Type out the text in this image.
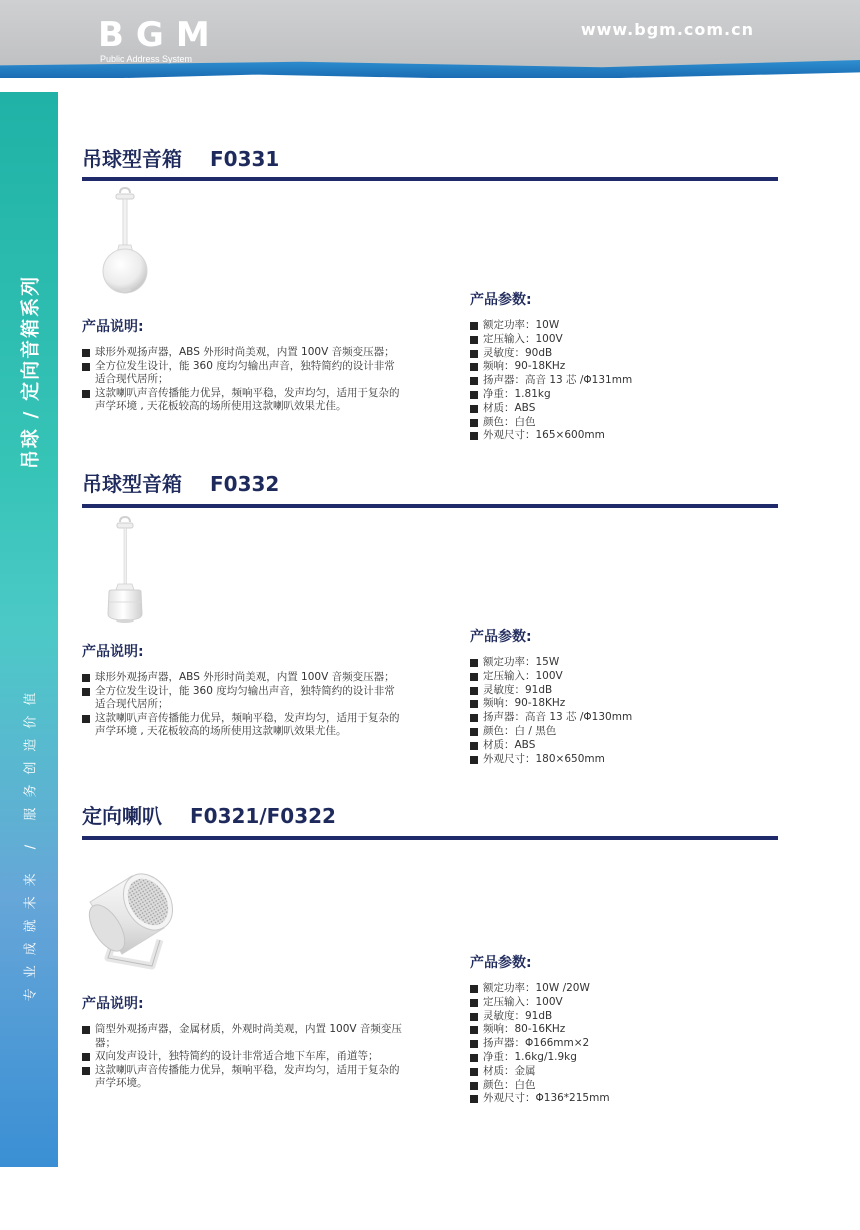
BGM
Public Address System
www.bgm.com.cn
吊球 / 定向音箱系列
专业成就未来 / 服务创造价值
65
吊球型音箱 F0331
产品说明:
球形外观扬声器，ABS 外形时尚美观，内置 100V 音频变压器；
全方位发生设计，能 360 度均匀输出声音，独特简约的设计非常适合现代居所；
这款喇叭声音传播能力优异，频响平稳，发声均匀，适用于复杂的声学环境 , 天花板较高的场所使用这款喇叭效果尤佳。
产品参数:
额定功率：10W
定压输入：100V
灵敏度：90dB
频响：90-18KHz
扬声器：高音 13 芯 /Φ131mm
净重：1.81kg
材质：ABS
颜色：白色
外观尺寸：165×600mm
吊球型音箱 F0332
产品说明:
球形外观扬声器，ABS 外形时尚美观，内置 100V 音频变压器；
全方位发生设计，能 360 度均匀输出声音，独特简约的设计非常适合现代居所；
这款喇叭声音传播能力优异，频响平稳，发声均匀，适用于复杂的声学环境 , 天花板较高的场所使用这款喇叭效果尤佳。
产品参数:
额定功率：15W
定压输入：100V
灵敏度：91dB
频响：90-18KHz
扬声器：高音 13 芯 /Φ130mm
颜色：白 / 黑色
材质：ABS
外观尺寸：180×650mm
定向喇叭 F0321/F0322
产品说明:
筒型外观扬声器，金属材质，外观时尚美观，内置 100V 音频变压器；
双向发声设计，独特简约的设计非常适合地下车库，甬道等；
这款喇叭声音传播能力优异，频响平稳，发声均匀，适用于复杂的声学环境。
产品参数:
额定功率：10W /20W
定压输入：100V
灵敏度：91dB
频响：80-16KHz
扬声器：Φ166mm×2
净重：1.6kg/1.9kg
材质：金属
颜色：白色
外观尺寸：Φ136*215mm
